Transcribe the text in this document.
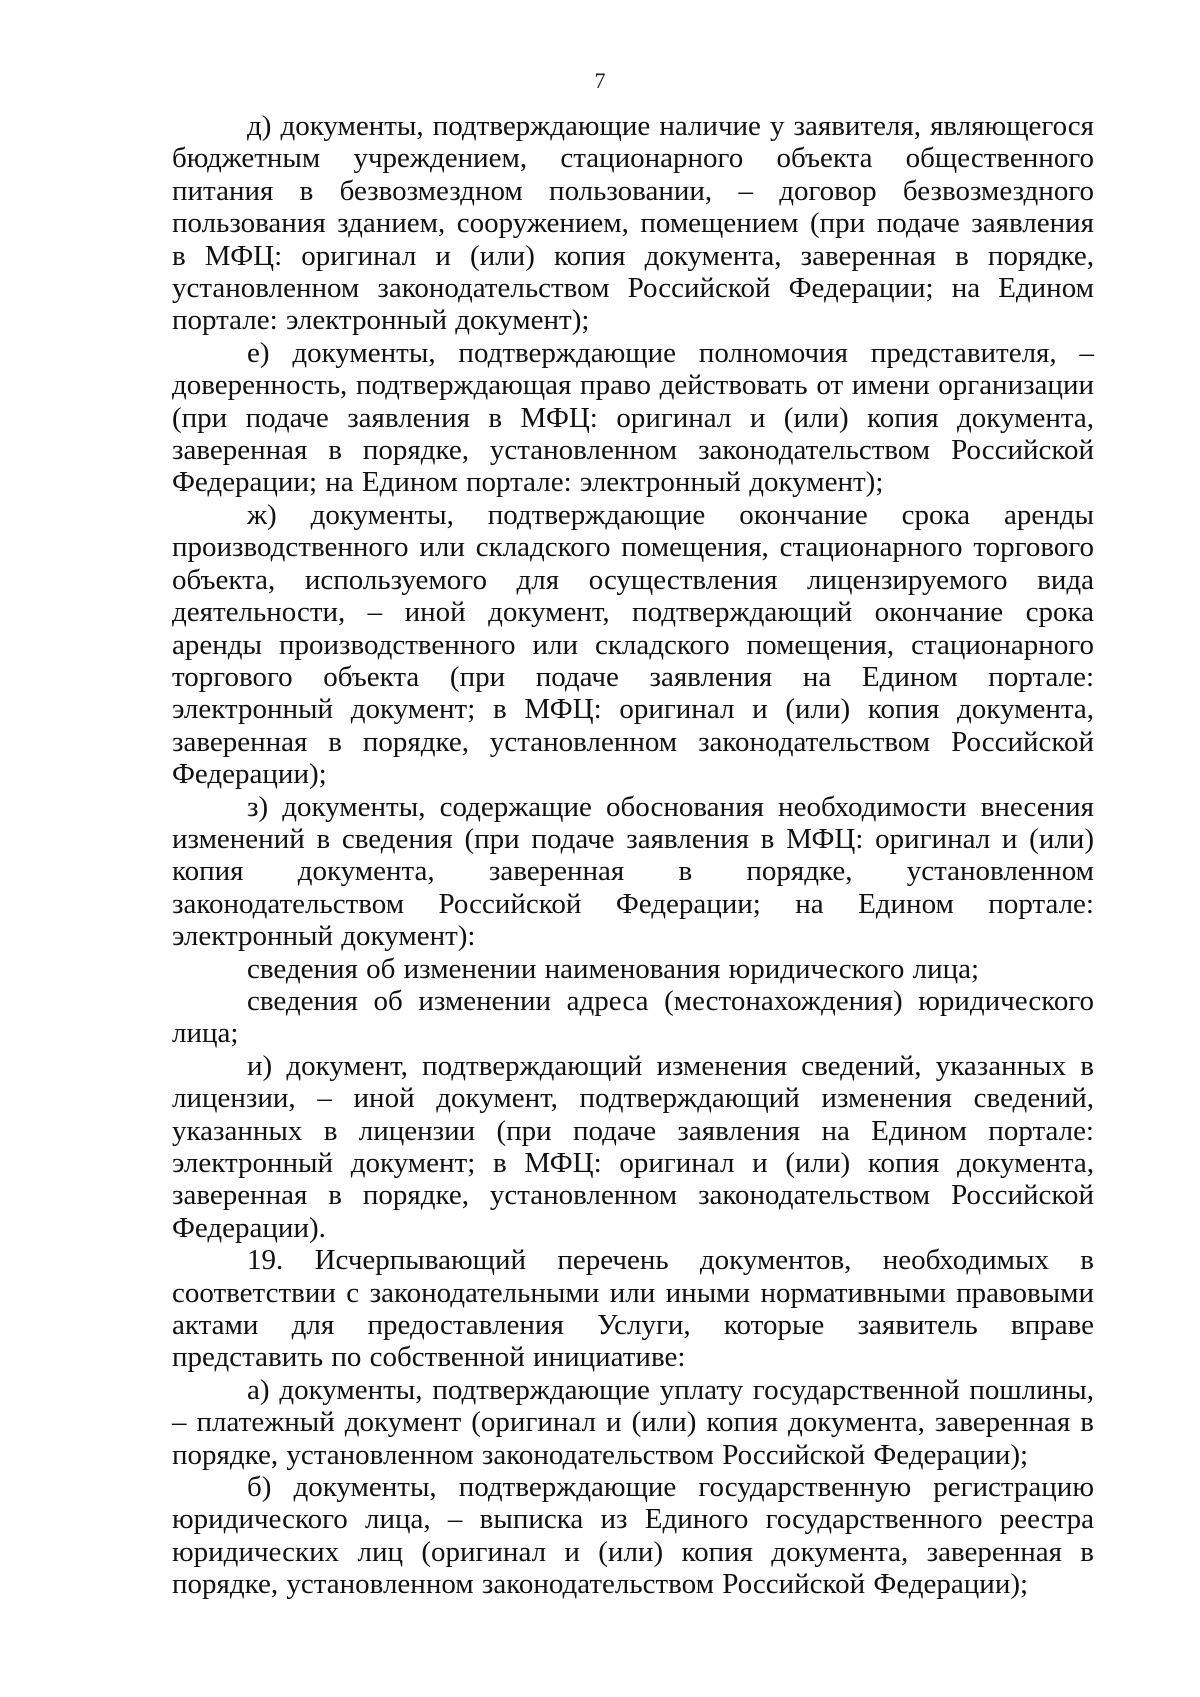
7

д) документы, подтверждающие наличие у заявителя, являющегося бюджетным учреждением, стационарного объекта общественного питания в безвозмездном пользовании, – договор безвозмездного пользования зданием, сооружением, помещением (при подаче заявления в МФЦ: оригинал и (или) копия документа, заверенная в порядке, установленном законодательством Российской Федерации; на Едином портале: электронный документ);

е) документы, подтверждающие полномочия представителя, – доверенность, подтверждающая право действовать от имени организации (при подаче заявления в МФЦ: оригинал и (или) копия документа, заверенная в порядке, установленном законодательством Российской Федерации; на Едином портале: электронный документ);

ж) документы, подтверждающие окончание срока аренды производственного или складского помещения, стационарного торгового объекта, используемого для осуществления лицензируемого вида деятельности, – иной документ, подтверждающий окончание срока аренды производственного или складского помещения, стационарного торгового объекта (при подаче заявления на Едином портале: электронный документ; в МФЦ: оригинал и (или) копия документа, заверенная в порядке, установленном законодательством Российской Федерации);

з) документы, содержащие обоснования необходимости внесения изменений в сведения (при подаче заявления в МФЦ: оригинал и (или) копия документа, заверенная в порядке, установленном законодательством Российской Федерации; на Едином портале: электронный документ):

сведения об изменении наименования юридического лица;

сведения об изменении адреса (местонахождения) юридического лица;

и) документ, подтверждающий изменения сведений, указанных в лицензии, – иной документ, подтверждающий изменения сведений, указанных в лицензии (при подаче заявления на Едином портале: электронный документ; в МФЦ: оригинал и (или) копия документа, заверенная в порядке, установленном законодательством Российской Федерации).

19. Исчерпывающий перечень документов, необходимых в соответствии с законодательными или иными нормативными правовыми актами для предоставления Услуги, которые заявитель вправе представить по собственной инициативе:

а) документы, подтверждающие уплату государственной пошлины, – платежный документ (оригинал и (или) копия документа, заверенная в порядке, установленном законодательством Российской Федерации);

б) документы, подтверждающие государственную регистрацию юридического лица, – выписка из Единого государственного реестра юридических лиц (оригинал и (или) копия документа, заверенная в порядке, установленном законодательством Российской Федерации);
